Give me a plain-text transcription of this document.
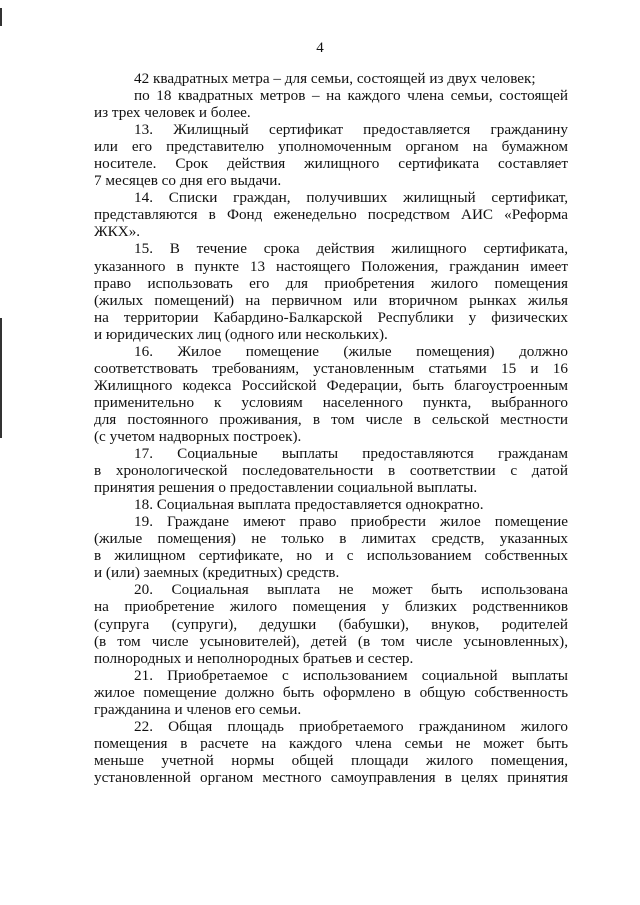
4
42 квадратных метра – для семьи, состоящей из двух человек;
по 18 квадратных метров – на каждого члена семьи, состоящей
из трех человек и более.
13. Жилищный сертификат предоставляется гражданину
или его представителю уполномоченным органом на бумажном
носителе. Срок действия жилищного сертификата составляет
7 месяцев со дня его выдачи.
14. Списки граждан, получивших жилищный сертификат,
представляются в Фонд еженедельно посредством АИС «Реформа
ЖКХ».
15. В течение срока действия жилищного сертификата,
указанного в пункте 13 настоящего Положения, гражданин имеет
право использовать его для приобретения жилого помещения
(жилых помещений) на первичном или вторичном рынках жилья
на территории Кабардино-Балкарской Республики у физических
и юридических лиц (одного или нескольких).
16. Жилое помещение (жилые помещения) должно
соответствовать требованиям, установленным статьями 15 и 16
Жилищного кодекса Российской Федерации, быть благоустроенным
применительно к условиям населенного пункта, выбранного
для постоянного проживания, в том числе в сельской местности
(с учетом надворных построек).
17. Социальные выплаты предоставляются гражданам
в хронологической последовательности в соответствии с датой
принятия решения о предоставлении социальной выплаты.
18. Социальная выплата предоставляется однократно.
19. Граждане имеют право приобрести жилое помещение
(жилые помещения) не только в лимитах средств, указанных
в жилищном сертификате, но и с использованием собственных
и (или) заемных (кредитных) средств.
20. Социальная выплата не может быть использована
на приобретение жилого помещения у близких родственников
(супруга (супруги), дедушки (бабушки), внуков, родителей
(в том числе усыновителей), детей (в том числе усыновленных),
полнородных и неполнородных братьев и сестер.
21. Приобретаемое с использованием социальной выплаты
жилое помещение должно быть оформлено в общую собственность
гражданина и членов его семьи.
22. Общая площадь приобретаемого гражданином жилого
помещения в расчете на каждого члена семьи не может быть
меньше учетной нормы общей площади жилого помещения,
установленной органом местного самоуправления в целях принятия
